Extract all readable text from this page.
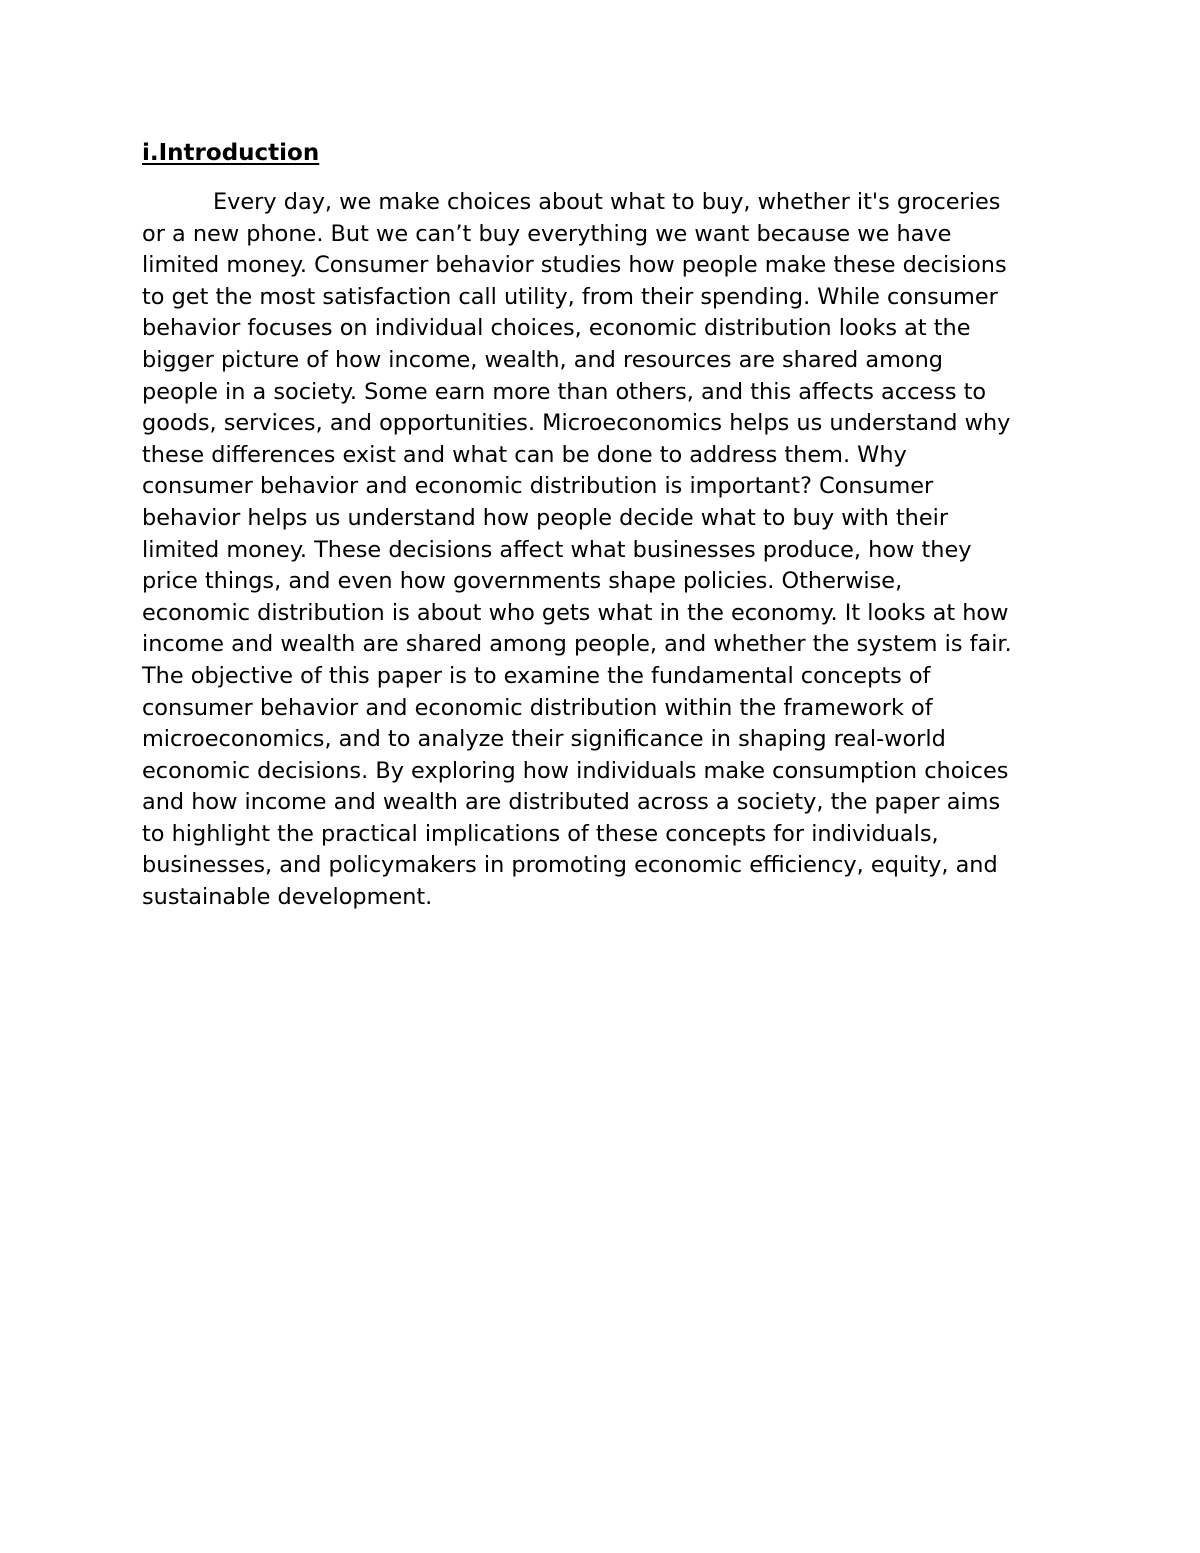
i.Introduction

Every day, we make choices about what to buy, whether it's groceries
or a new phone. But we can’t buy everything we want because we have
limited money. Consumer behavior studies how people make these decisions
to get the most satisfaction call utility, from their spending. While consumer
behavior focuses on individual choices, economic distribution looks at the
bigger picture of how income, wealth, and resources are shared among
people in a society. Some earn more than others, and this affects access to
goods, services, and opportunities. Microeconomics helps us understand why
these differences exist and what can be done to address them. Why
consumer behavior and economic distribution is important? Consumer
behavior helps us understand how people decide what to buy with their
limited money. These decisions affect what businesses produce, how they
price things, and even how governments shape policies. Otherwise,
economic distribution is about who gets what in the economy. It looks at how
income and wealth are shared among people, and whether the system is fair.
The objective of this paper is to examine the fundamental concepts of
consumer behavior and economic distribution within the framework of
microeconomics, and to analyze their significance in shaping real-world
economic decisions. By exploring how individuals make consumption choices
and how income and wealth are distributed across a society, the paper aims
to highlight the practical implications of these concepts for individuals,
businesses, and policymakers in promoting economic efficiency, equity, and
sustainable development.
